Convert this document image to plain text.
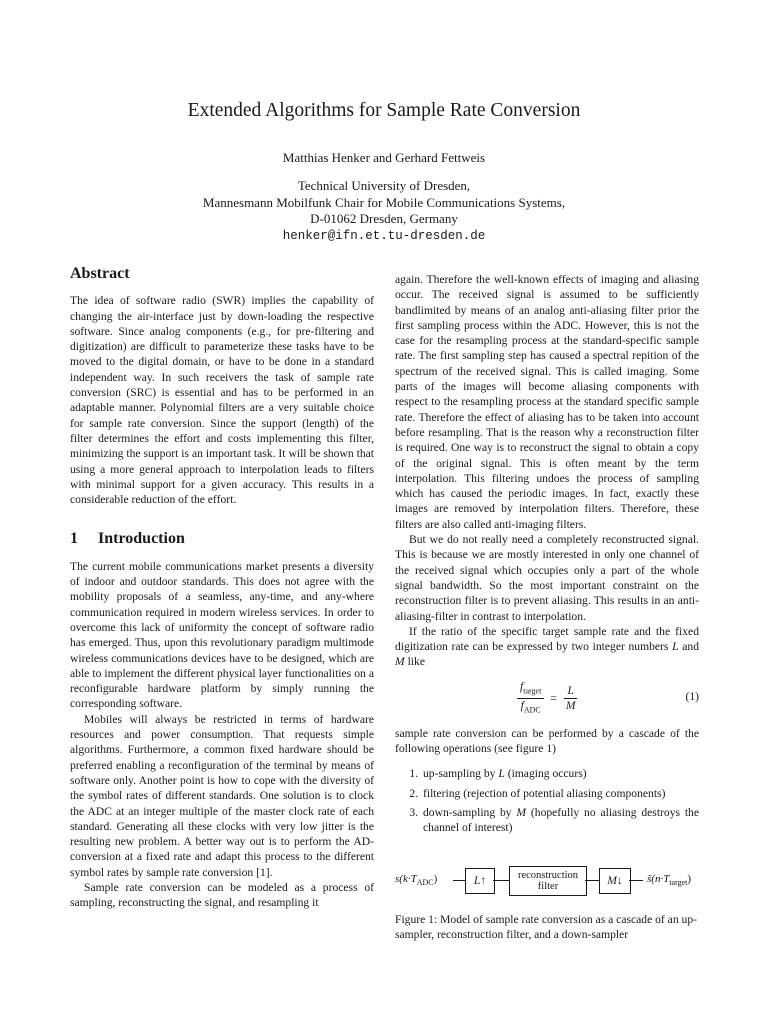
Extended Algorithms for Sample Rate Conversion
Matthias Henker and Gerhard Fettweis
Technical University of Dresden,
Mannesmann Mobilfunk Chair for Mobile Communications Systems,
D-01062 Dresden, Germany
henker@ifn.et.tu-dresden.de
Abstract

The idea of software radio (SWR) implies the capability of changing the air-interface just by down-loading the respective software. Since analog components (e.g., for pre-filtering and digitization) are difficult to parameterize these tasks have to be moved to the digital domain, or have to be done in a standard independent way. In such receivers the task of sample rate conversion (SRC) is essential and has to be performed in an adaptable manner. Polynomial filters are a very suitable choice for sample rate conversion. Since the support (length) of the filter determines the effort and costs implementing this filter, minimizing the support is an important task. It will be shown that using a more general approach to interpolation leads to filters with minimal support for a given accuracy. This results in a considerable reduction of the effort.

1 Introduction

The current mobile communications market presents a diversity of indoor and outdoor standards. This does not agree with the mobility proposals of a seamless, any-time, and any-where communication required in modern wireless services. In order to overcome this lack of uniformity the concept of software radio has emerged. Thus, upon this revolutionary paradigm multimode wireless communications devices have to be designed, which are able to implement the different physical layer functionalities on a reconfigurable hardware platform by simply running the corresponding software.

Mobiles will always be restricted in terms of hardware resources and power consumption. That requests simple algorithms. Furthermore, a common fixed hardware should be preferred enabling a reconfiguration of the terminal by means of software only. Another point is how to cope with the diversity of the symbol rates of different standards. One solution is to clock the ADC at an integer multiple of the master clock rate of each standard. Generating all these clocks with very low jitter is the resulting new problem. A better way out is to perform the AD-conversion at a fixed rate and adapt this process to the different symbol rates by sample rate conversion [1].

Sample rate conversion can be modeled as a process of sampling, reconstructing the signal, and resampling it

again. Therefore the well-known effects of imaging and aliasing occur. The received signal is assumed to be sufficiently bandlimited by means of an analog anti-aliasing filter prior the first sampling process within the ADC. However, this is not the case for the resampling process at the standard-specific sample rate. The first sampling step has caused a spectral repition of the spectrum of the received signal. This is called imaging. Some parts of the images will become aliasing components with respect to the resampling process at the standard specific sample rate. Therefore the effect of aliasing has to be taken into account before resampling. That is the reason why a reconstruction filter is required. One way is to reconstruct the signal to obtain a copy of the original signal. This is often meant by the term interpolation. This filtering undoes the process of sampling which has caused the periodic images. In fact, exactly these images are removed by interpolation filters. Therefore, these filters are also called anti-imaging filters.

But we do not really need a completely reconstructed signal. This is because we are mostly interested in only one channel of the received signal which occupies only a part of the whole signal bandwidth. So the most important constraint on the reconstruction filter is to prevent aliasing. This results in an anti-aliasing-filter in contrast to interpolation.

If the ratio of the specific target sample rate and the fixed digitization rate can be expressed by two integer numbers L and M like

$f_{target}$
$f_{ADC}$
= $\frac{L}{M}$	(1)

sample rate conversion can be performed by a cascade of the following operations (see figure 1)

1. up-sampling by L (imaging occurs)
2. filtering (rejection of potential aliasing components)
3. down-sampling by M (hopefully no aliasing destroys the channel of interest)
$s(k\cdot T_{ADC})$	L↑	reconstruction
filter	M↓	$s̃(n\cdot T_{target})$

Figure 1: Model of sample rate conversion as a cascade of an up-sampler, reconstruction filter, and a down-sampler
